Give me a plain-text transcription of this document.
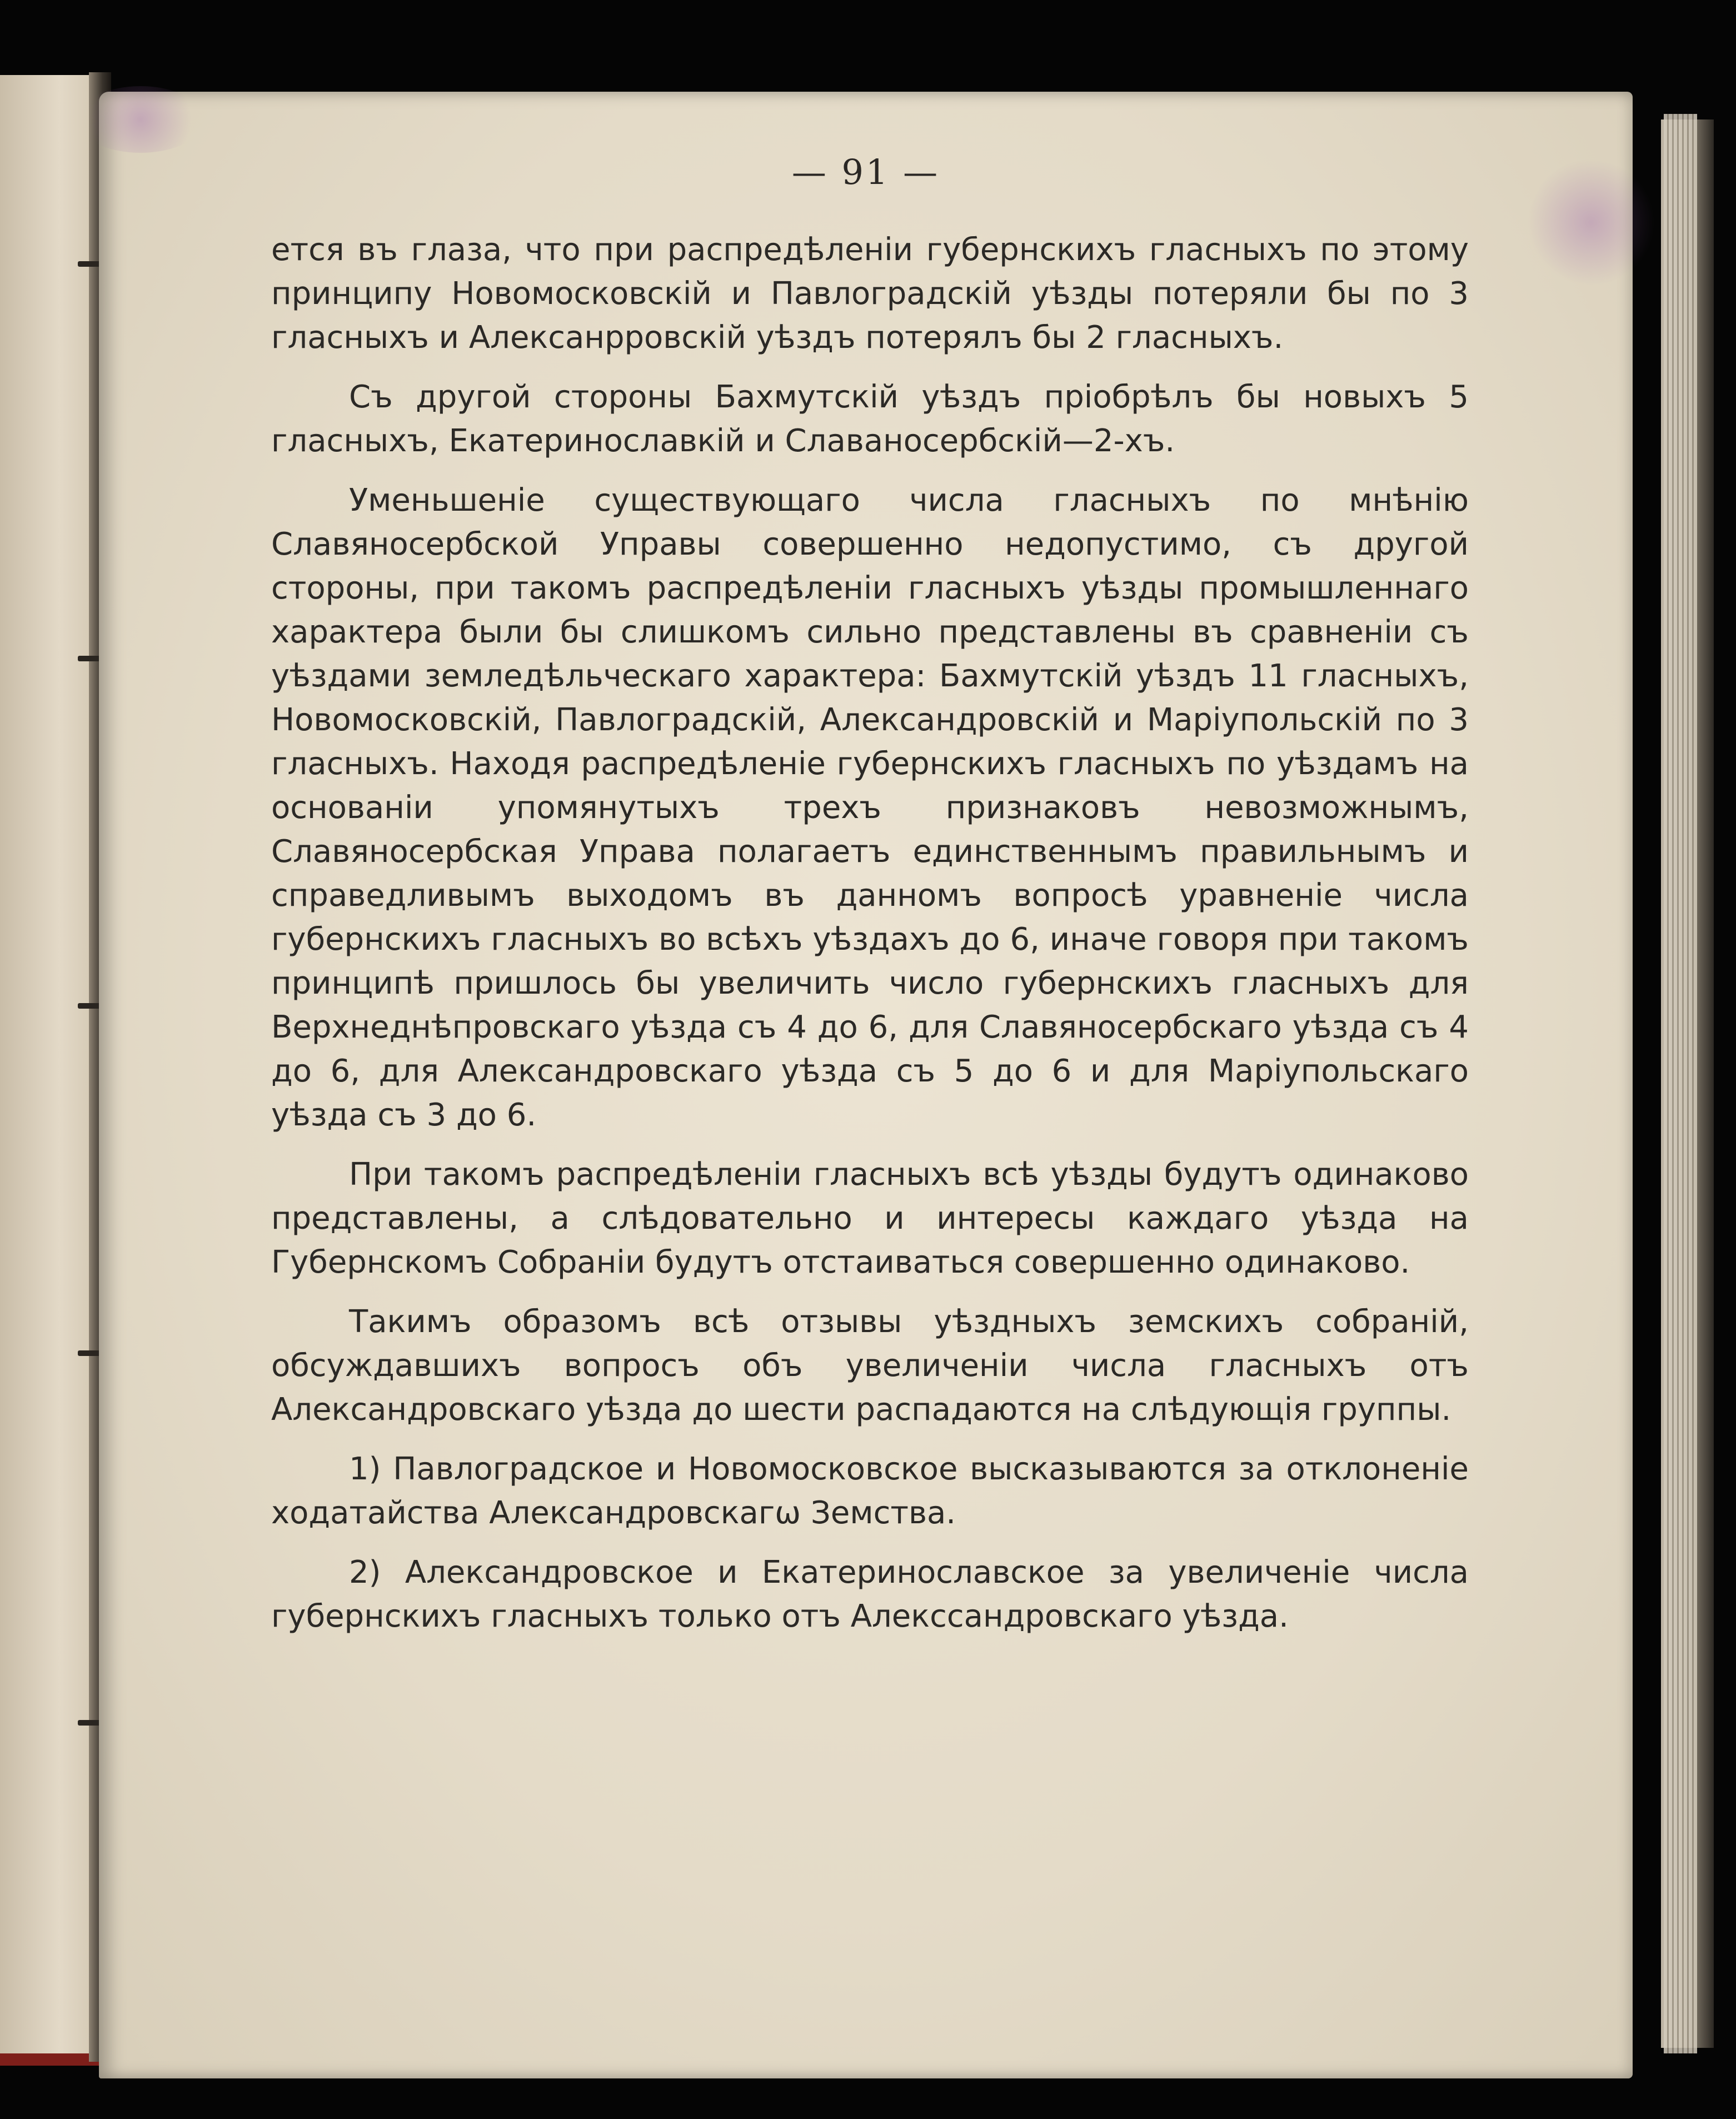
— 91 —

ется въ глаза, что при распредѣленіи губернскихъ гласныхъ по этому принципу Новомосковскій и Павлоградскій уѣзды потеряли бы по 3 гласныхъ и Алексанрровскій уѣздъ потерялъ бы 2 гласныхъ.

Съ другой стороны Бахмутскій уѣздъ пріобрѣлъ бы новыхъ 5 гласныхъ, Екатеринославкій и Славаносербскій—2-хъ.

Уменьшеніе существующаго числа гласныхъ по мнѣнію Славяносербской Управы совершенно недопустимо, съ другой стороны, при такомъ распредѣленіи гласныхъ уѣзды промышленнаго характера были бы слишкомъ сильно представлены въ сравненіи съ уѣздами земледѣльческаго характера: Бахмутскій уѣздъ 11 гласныхъ, Новомосковскій, Павлоградскій, Александровскій и Маріупольскій по 3 гласныхъ. Находя распредѣленіе губернскихъ гласныхъ по уѣздамъ на основаніи упомянутыхъ трехъ признаковъ невозможнымъ, Славяносербская Управа полагаетъ единственнымъ правильнымъ и справедливымъ выходомъ въ данномъ вопросѣ уравненіе числа губернскихъ гласныхъ во всѣхъ уѣздахъ до 6, иначе говоря при такомъ принципѣ пришлось бы увеличить число губернскихъ гласныхъ для Верхнеднѣпровскаго уѣзда съ 4 до 6, для Славяносербскаго уѣзда съ 4 до 6, для Александровскаго уѣзда съ 5 до 6 и для Маріупольскаго уѣзда съ 3 до 6.

При такомъ распредѣленіи гласныхъ всѣ уѣзды будутъ одинаково представлены, а слѣдовательно и интересы каждаго уѣзда на Губернскомъ Собраніи будутъ отстаиваться совершенно одинаково.

Такимъ образомъ всѣ отзывы уѣздныхъ земскихъ собраній, обсуждавшихъ вопросъ объ увеличеніи числа гласныхъ отъ Александровскаго уѣзда до шести распадаются на слѣдующія группы.

1) Павлоградское и Новомосковское высказываются за отклоненіе ходатайства Александровскагѡ Земства.

2) Александровское и Екатеринославское за увеличеніе числа губернскихъ гласныхъ только отъ Алекссандровскаго уѣзда.
